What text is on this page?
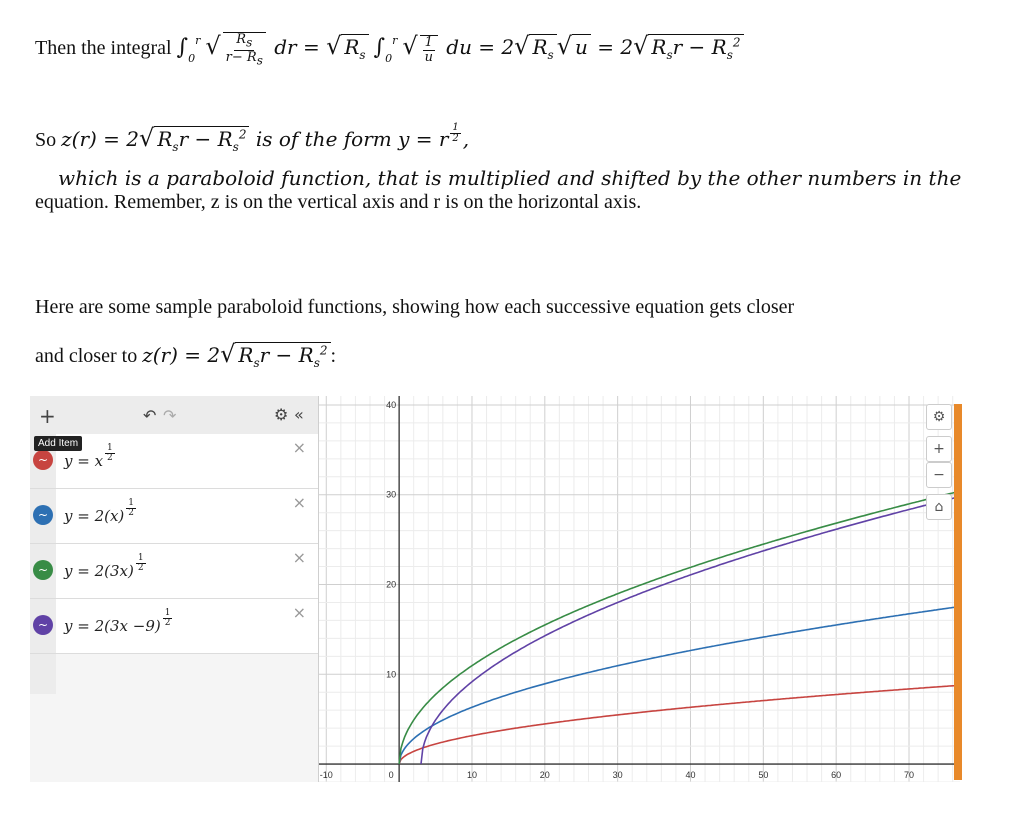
Then the integral $\int_0^r$ √ $\frac{Rs}{r- Rs}$ dr = √ $R_s$ $\int_0^r$ √ $\frac{1}{u}$ du = 2√ $R_s$ √ u = 2√ $R_sr - R_s^2$
So z(r) = 2√ $R_sr - R_s^2$ is of the form y = r $\frac{1}{2}$ ,
which is a paraboloid function, that is multiplied and shifted by the other numbers in the
equation. Remember, z is on the vertical axis and r is on the horizontal axis.
Here are some sample paraboloid functions, showing how each successive equation gets closer
and closer to z(r) = 2√ $R_sr - R_s^2$ :
+	↶ ↷	⚙ «
Add Item
~	y = x $\frac{1}{2}$	×
~	$y = 2(x) \frac{1}{2}$	×
~	$y = 2(3x) \frac{1}{2}$	×
~	$y = 2(3x -9) \frac{1}{2}$	×
-10	0	10	20	30	40	50	60	70
10
20
30
40
⚙
+
−
⌂
